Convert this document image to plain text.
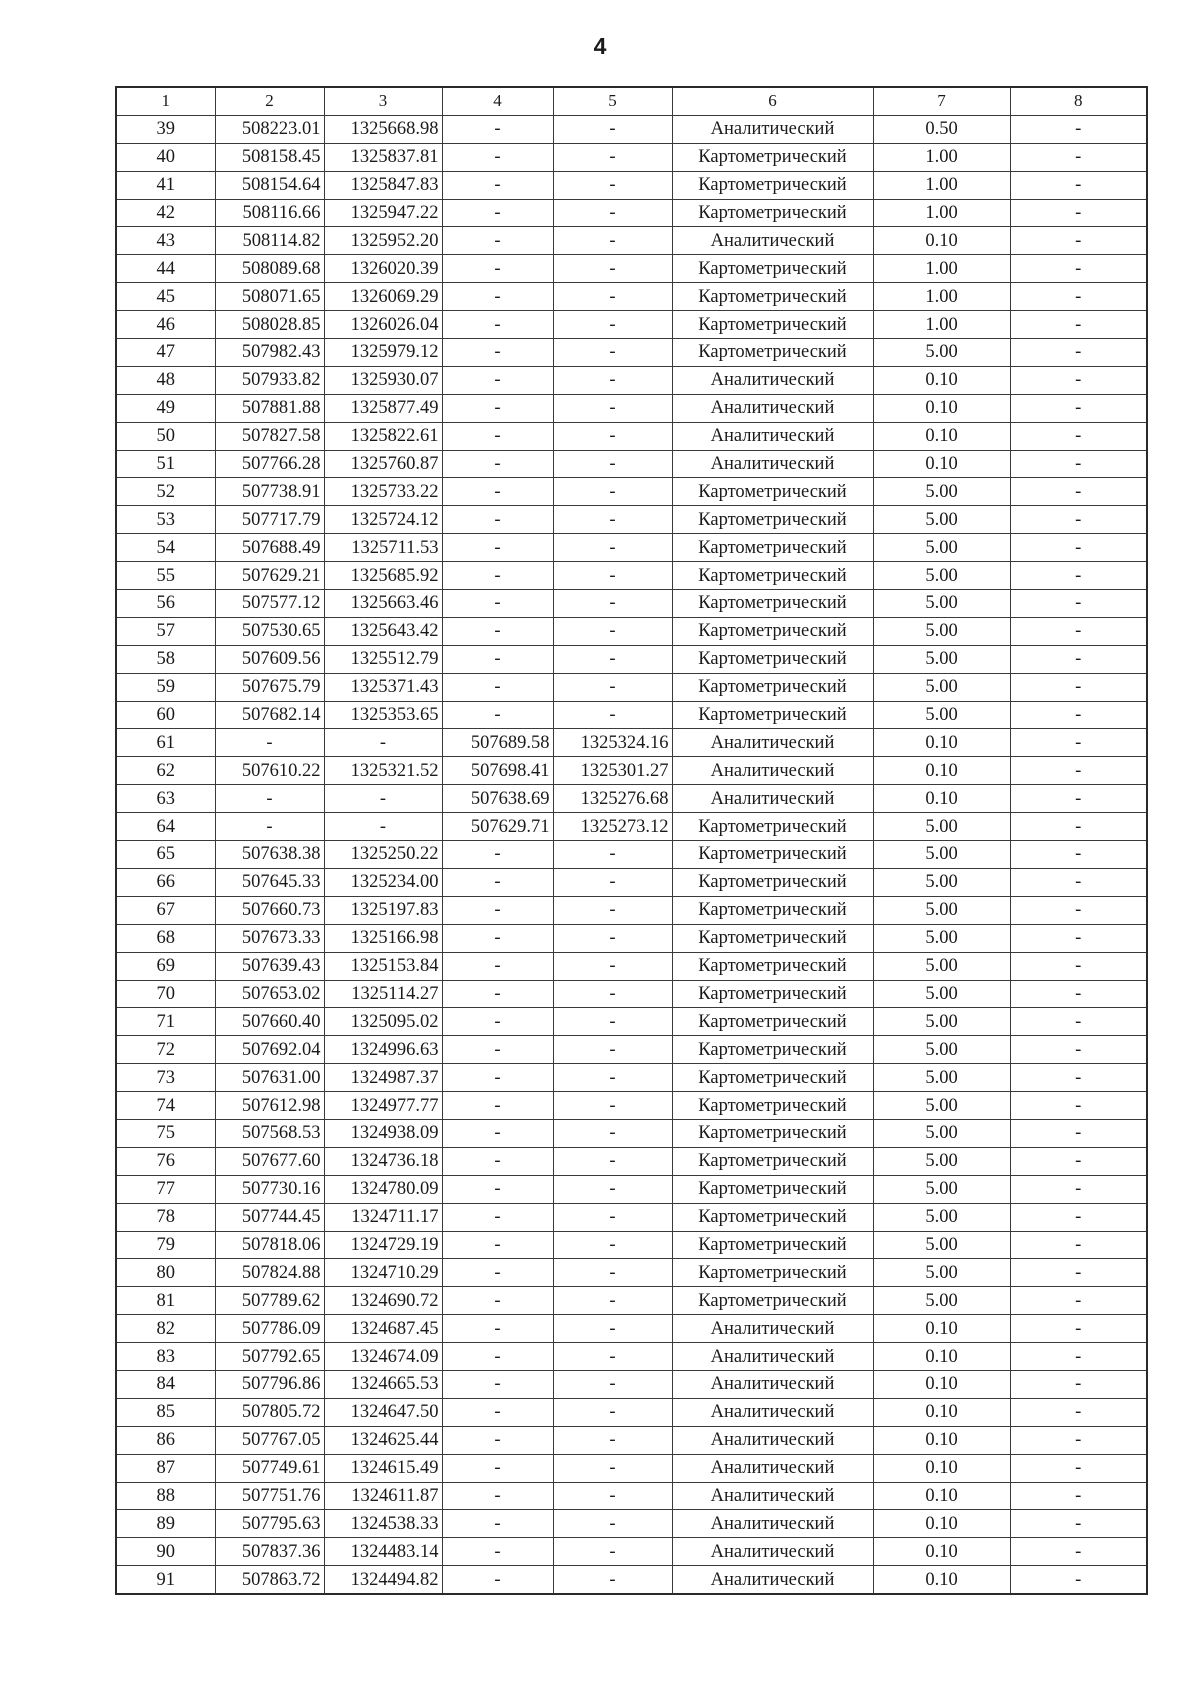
4
1	2	3	4	5	6	7	8
39	508223.01	1325668.98	-	-	Аналитический	0.50	-
40	508158.45	1325837.81	-	-	Картометрический	1.00	-
41	508154.64	1325847.83	-	-	Картометрический	1.00	-
42	508116.66	1325947.22	-	-	Картометрический	1.00	-
43	508114.82	1325952.20	-	-	Аналитический	0.10	-
44	508089.68	1326020.39	-	-	Картометрический	1.00	-
45	508071.65	1326069.29	-	-	Картометрический	1.00	-
46	508028.85	1326026.04	-	-	Картометрический	1.00	-
47	507982.43	1325979.12	-	-	Картометрический	5.00	-
48	507933.82	1325930.07	-	-	Аналитический	0.10	-
49	507881.88	1325877.49	-	-	Аналитический	0.10	-
50	507827.58	1325822.61	-	-	Аналитический	0.10	-
51	507766.28	1325760.87	-	-	Аналитический	0.10	-
52	507738.91	1325733.22	-	-	Картометрический	5.00	-
53	507717.79	1325724.12	-	-	Картометрический	5.00	-
54	507688.49	1325711.53	-	-	Картометрический	5.00	-
55	507629.21	1325685.92	-	-	Картометрический	5.00	-
56	507577.12	1325663.46	-	-	Картометрический	5.00	-
57	507530.65	1325643.42	-	-	Картометрический	5.00	-
58	507609.56	1325512.79	-	-	Картометрический	5.00	-
59	507675.79	1325371.43	-	-	Картометрический	5.00	-
60	507682.14	1325353.65	-	-	Картометрический	5.00	-
61	-	-	507689.58	1325324.16	Аналитический	0.10	-
62	507610.22	1325321.52	507698.41	1325301.27	Аналитический	0.10	-
63	-	-	507638.69	1325276.68	Аналитический	0.10	-
64	-	-	507629.71	1325273.12	Картометрический	5.00	-
65	507638.38	1325250.22	-	-	Картометрический	5.00	-
66	507645.33	1325234.00	-	-	Картометрический	5.00	-
67	507660.73	1325197.83	-	-	Картометрический	5.00	-
68	507673.33	1325166.98	-	-	Картометрический	5.00	-
69	507639.43	1325153.84	-	-	Картометрический	5.00	-
70	507653.02	1325114.27	-	-	Картометрический	5.00	-
71	507660.40	1325095.02	-	-	Картометрический	5.00	-
72	507692.04	1324996.63	-	-	Картометрический	5.00	-
73	507631.00	1324987.37	-	-	Картометрический	5.00	-
74	507612.98	1324977.77	-	-	Картометрический	5.00	-
75	507568.53	1324938.09	-	-	Картометрический	5.00	-
76	507677.60	1324736.18	-	-	Картометрический	5.00	-
77	507730.16	1324780.09	-	-	Картометрический	5.00	-
78	507744.45	1324711.17	-	-	Картометрический	5.00	-
79	507818.06	1324729.19	-	-	Картометрический	5.00	-
80	507824.88	1324710.29	-	-	Картометрический	5.00	-
81	507789.62	1324690.72	-	-	Картометрический	5.00	-
82	507786.09	1324687.45	-	-	Аналитический	0.10	-
83	507792.65	1324674.09	-	-	Аналитический	0.10	-
84	507796.86	1324665.53	-	-	Аналитический	0.10	-
85	507805.72	1324647.50	-	-	Аналитический	0.10	-
86	507767.05	1324625.44	-	-	Аналитический	0.10	-
87	507749.61	1324615.49	-	-	Аналитический	0.10	-
88	507751.76	1324611.87	-	-	Аналитический	0.10	-
89	507795.63	1324538.33	-	-	Аналитический	0.10	-
90	507837.36	1324483.14	-	-	Аналитический	0.10	-
91	507863.72	1324494.82	-	-	Аналитический	0.10	-
